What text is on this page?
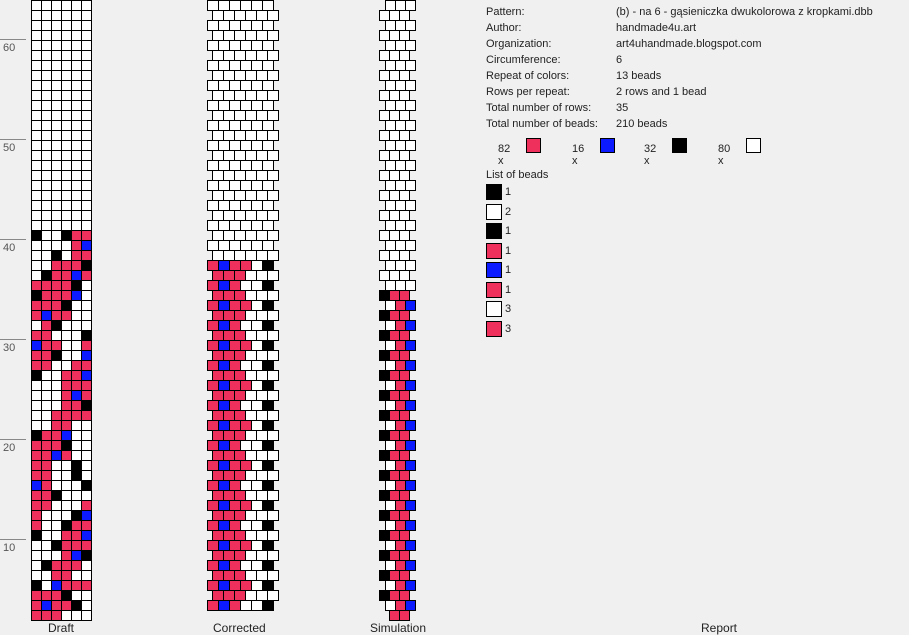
60
50
40
30
20
10
Draft	Corrected	Simulation	Report
Pattern:	(b) - na 6 - gąsieniczka dwukolorowa z kropkami.dbb
Author:	handmade4u.art
Organization:	art4uhandmade.blogspot.com
Circumference:	6
Repeat of colors:	13 beads
Rows per repeat:	2 rows and 1 bead
Total number of rows: 35
Total number of beads: 210 beads
82 x
16 x
32 x
80 x
List of beads
1
2
1
1
1
1
3
3
